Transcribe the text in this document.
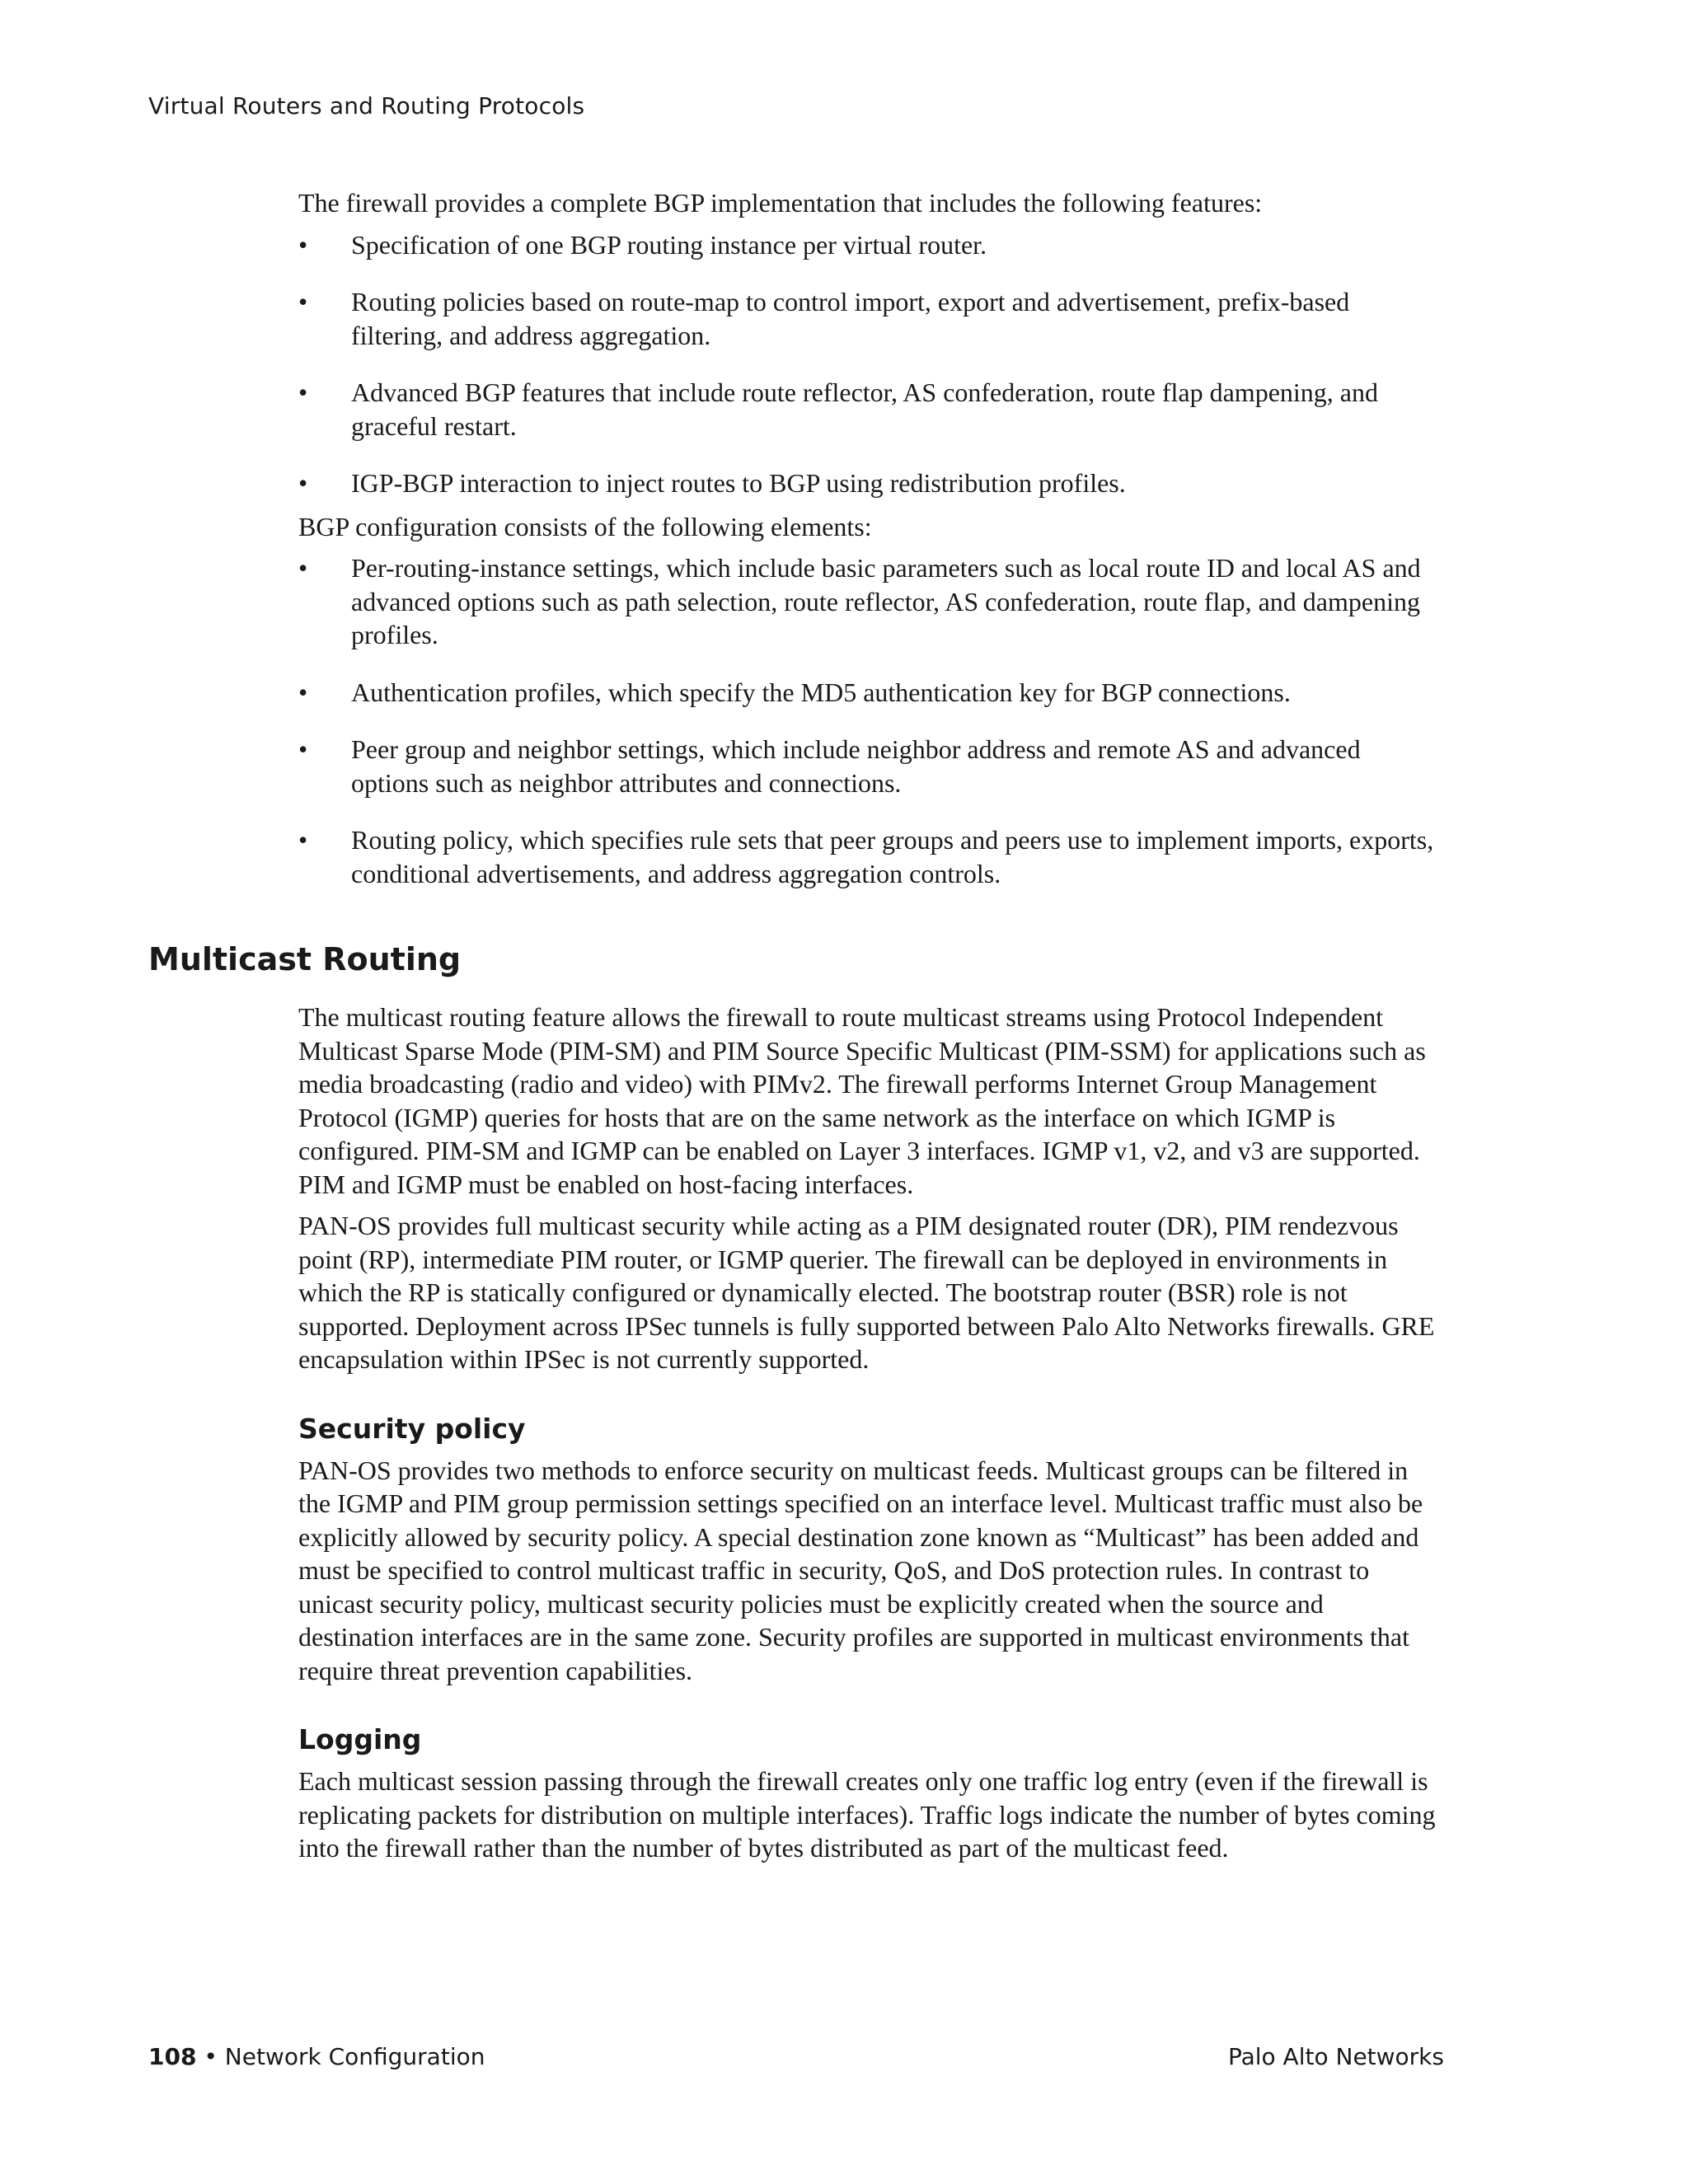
Virtual Routers and Routing Protocols

The firewall provides a complete BGP implementation that includes the following features:

• Specification of one BGP routing instance per virtual router.
• Routing policies based on route-map to control import, export and advertisement, prefix-based filtering, and address aggregation.
• Advanced BGP features that include route reflector, AS confederation, route flap dampening, and graceful restart.
• IGP-BGP interaction to inject routes to BGP using redistribution profiles.

BGP configuration consists of the following elements:

• Per-routing-instance settings, which include basic parameters such as local route ID and local AS and advanced options such as path selection, route reflector, AS confederation, route flap, and dampening profiles.
• Authentication profiles, which specify the MD5 authentication key for BGP connections.
• Peer group and neighbor settings, which include neighbor address and remote AS and advanced options such as neighbor attributes and connections.
• Routing policy, which specifies rule sets that peer groups and peers use to implement imports, exports, conditional advertisements, and address aggregation controls.
Multicast Routing

The multicast routing feature allows the firewall to route multicast streams using Protocol Independent Multicast Sparse Mode (PIM-SM) and PIM Source Specific Multicast (PIM-SSM) for applications such as media broadcasting (radio and video) with PIMv2. The firewall performs Internet Group Management Protocol (IGMP) queries for hosts that are on the same network as the interface on which IGMP is configured. PIM-SM and IGMP can be enabled on Layer 3 interfaces. IGMP v1, v2, and v3 are supported. PIM and IGMP must be enabled on host-facing interfaces.

PAN-OS provides full multicast security while acting as a PIM designated router (DR), PIM rendezvous point (RP), intermediate PIM router, or IGMP querier. The firewall can be deployed in environments in which the RP is statically configured or dynamically elected. The bootstrap router (BSR) role is not supported. Deployment across IPSec tunnels is fully supported between Palo Alto Networks firewalls. GRE encapsulation within IPSec is not currently supported.

Security policy

PAN-OS provides two methods to enforce security on multicast feeds. Multicast groups can be filtered in the IGMP and PIM group permission settings specified on an interface level. Multicast traffic must also be explicitly allowed by security policy. A special destination zone known as “Multicast” has been added and must be specified to control multicast traffic in security, QoS, and DoS protection rules. In contrast to unicast security policy, multicast security policies must be explicitly created when the source and destination interfaces are in the same zone. Security profiles are supported in multicast environments that require threat prevention capabilities.

Logging

Each multicast session passing through the firewall creates only one traffic log entry (even if the firewall is replicating packets for distribution on multiple interfaces). Traffic logs indicate the number of bytes coming into the firewall rather than the number of bytes distributed as part of the multicast feed.

108 • Network Configuration	Palo Alto Networks
